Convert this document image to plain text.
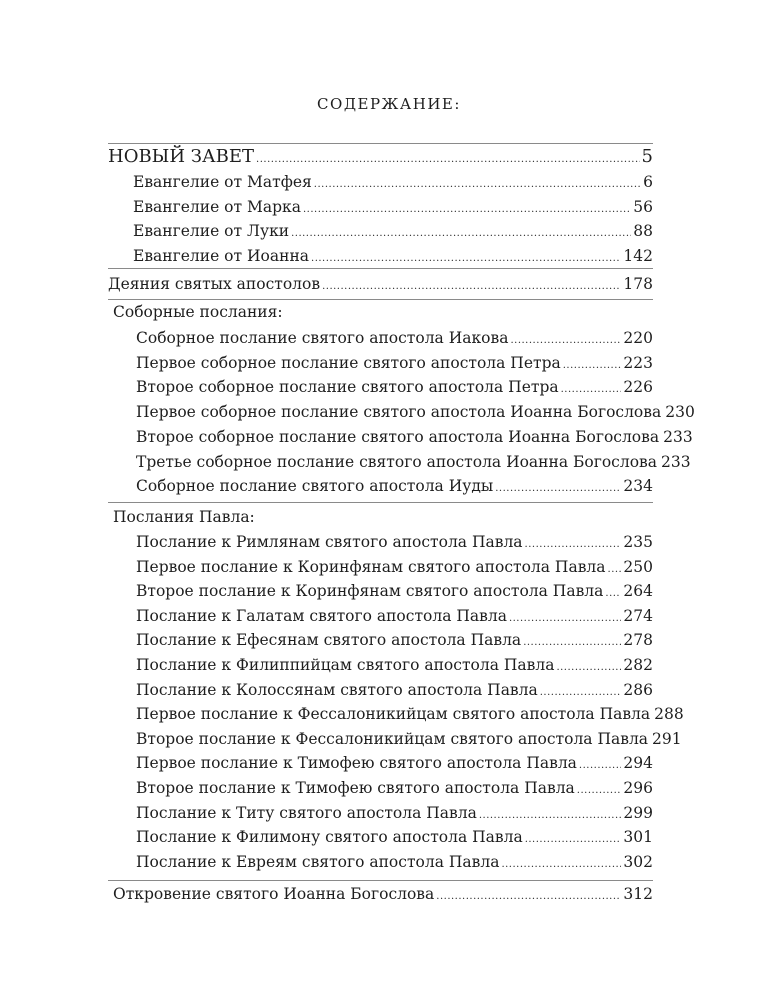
СОДЕРЖАНИЕ:
НОВЫЙ ЗАВЕТ .....	5
Евангелие от Матфея .....	6
Евангелие от Марка .....	56
Евангелие от Луки .....	88
Евангелие от Иоанна .....	142
Деяния святых апостолов .....	178
Соборные послания:
Соборное послание святого апостола Иакова .....	220
Первое соборное послание святого апостола Петра .....	223
Второе соборное послание святого апостола Петра .....	226
Первое соборное послание святого апостола Иоанна Богослова 230
Второе соборное послание святого апостола Иоанна Богослова 233
Третье соборное послание святого апостола Иоанна Богослова 233
Соборное послание святого апостола Иуды .....	234
Послания Павла:
Послание к Римлянам святого апостола Павла .....	235
Первое послание к Коринфянам святого апостола Павла ..... 250
Второе послание к Коринфянам святого апостола Павла ..... 264
Послание к Галатам святого апостола Павла .....	274
Послание к Ефесянам святого апостола Павла .....	278
Послание к Филиппийцам святого апостола Павла .....	282
Послание к Колоссянам святого апостола Павла .....	286
Первое послание к Фессалоникийцам святого апостола Павла 288
Второе послание к Фессалоникийцам святого апостола Павла 291
Первое послание к Тимофею святого апостола Павла .....	294
Второе послание к Тимофею святого апостола Павла .....	296
Послание к Титу святого апостола Павла .....	299
Послание к Филимону святого апостола Павла .....	301
Послание к Евреям святого апостола Павла .....	302
Откровение святого Иоанна Богослова .....	312
